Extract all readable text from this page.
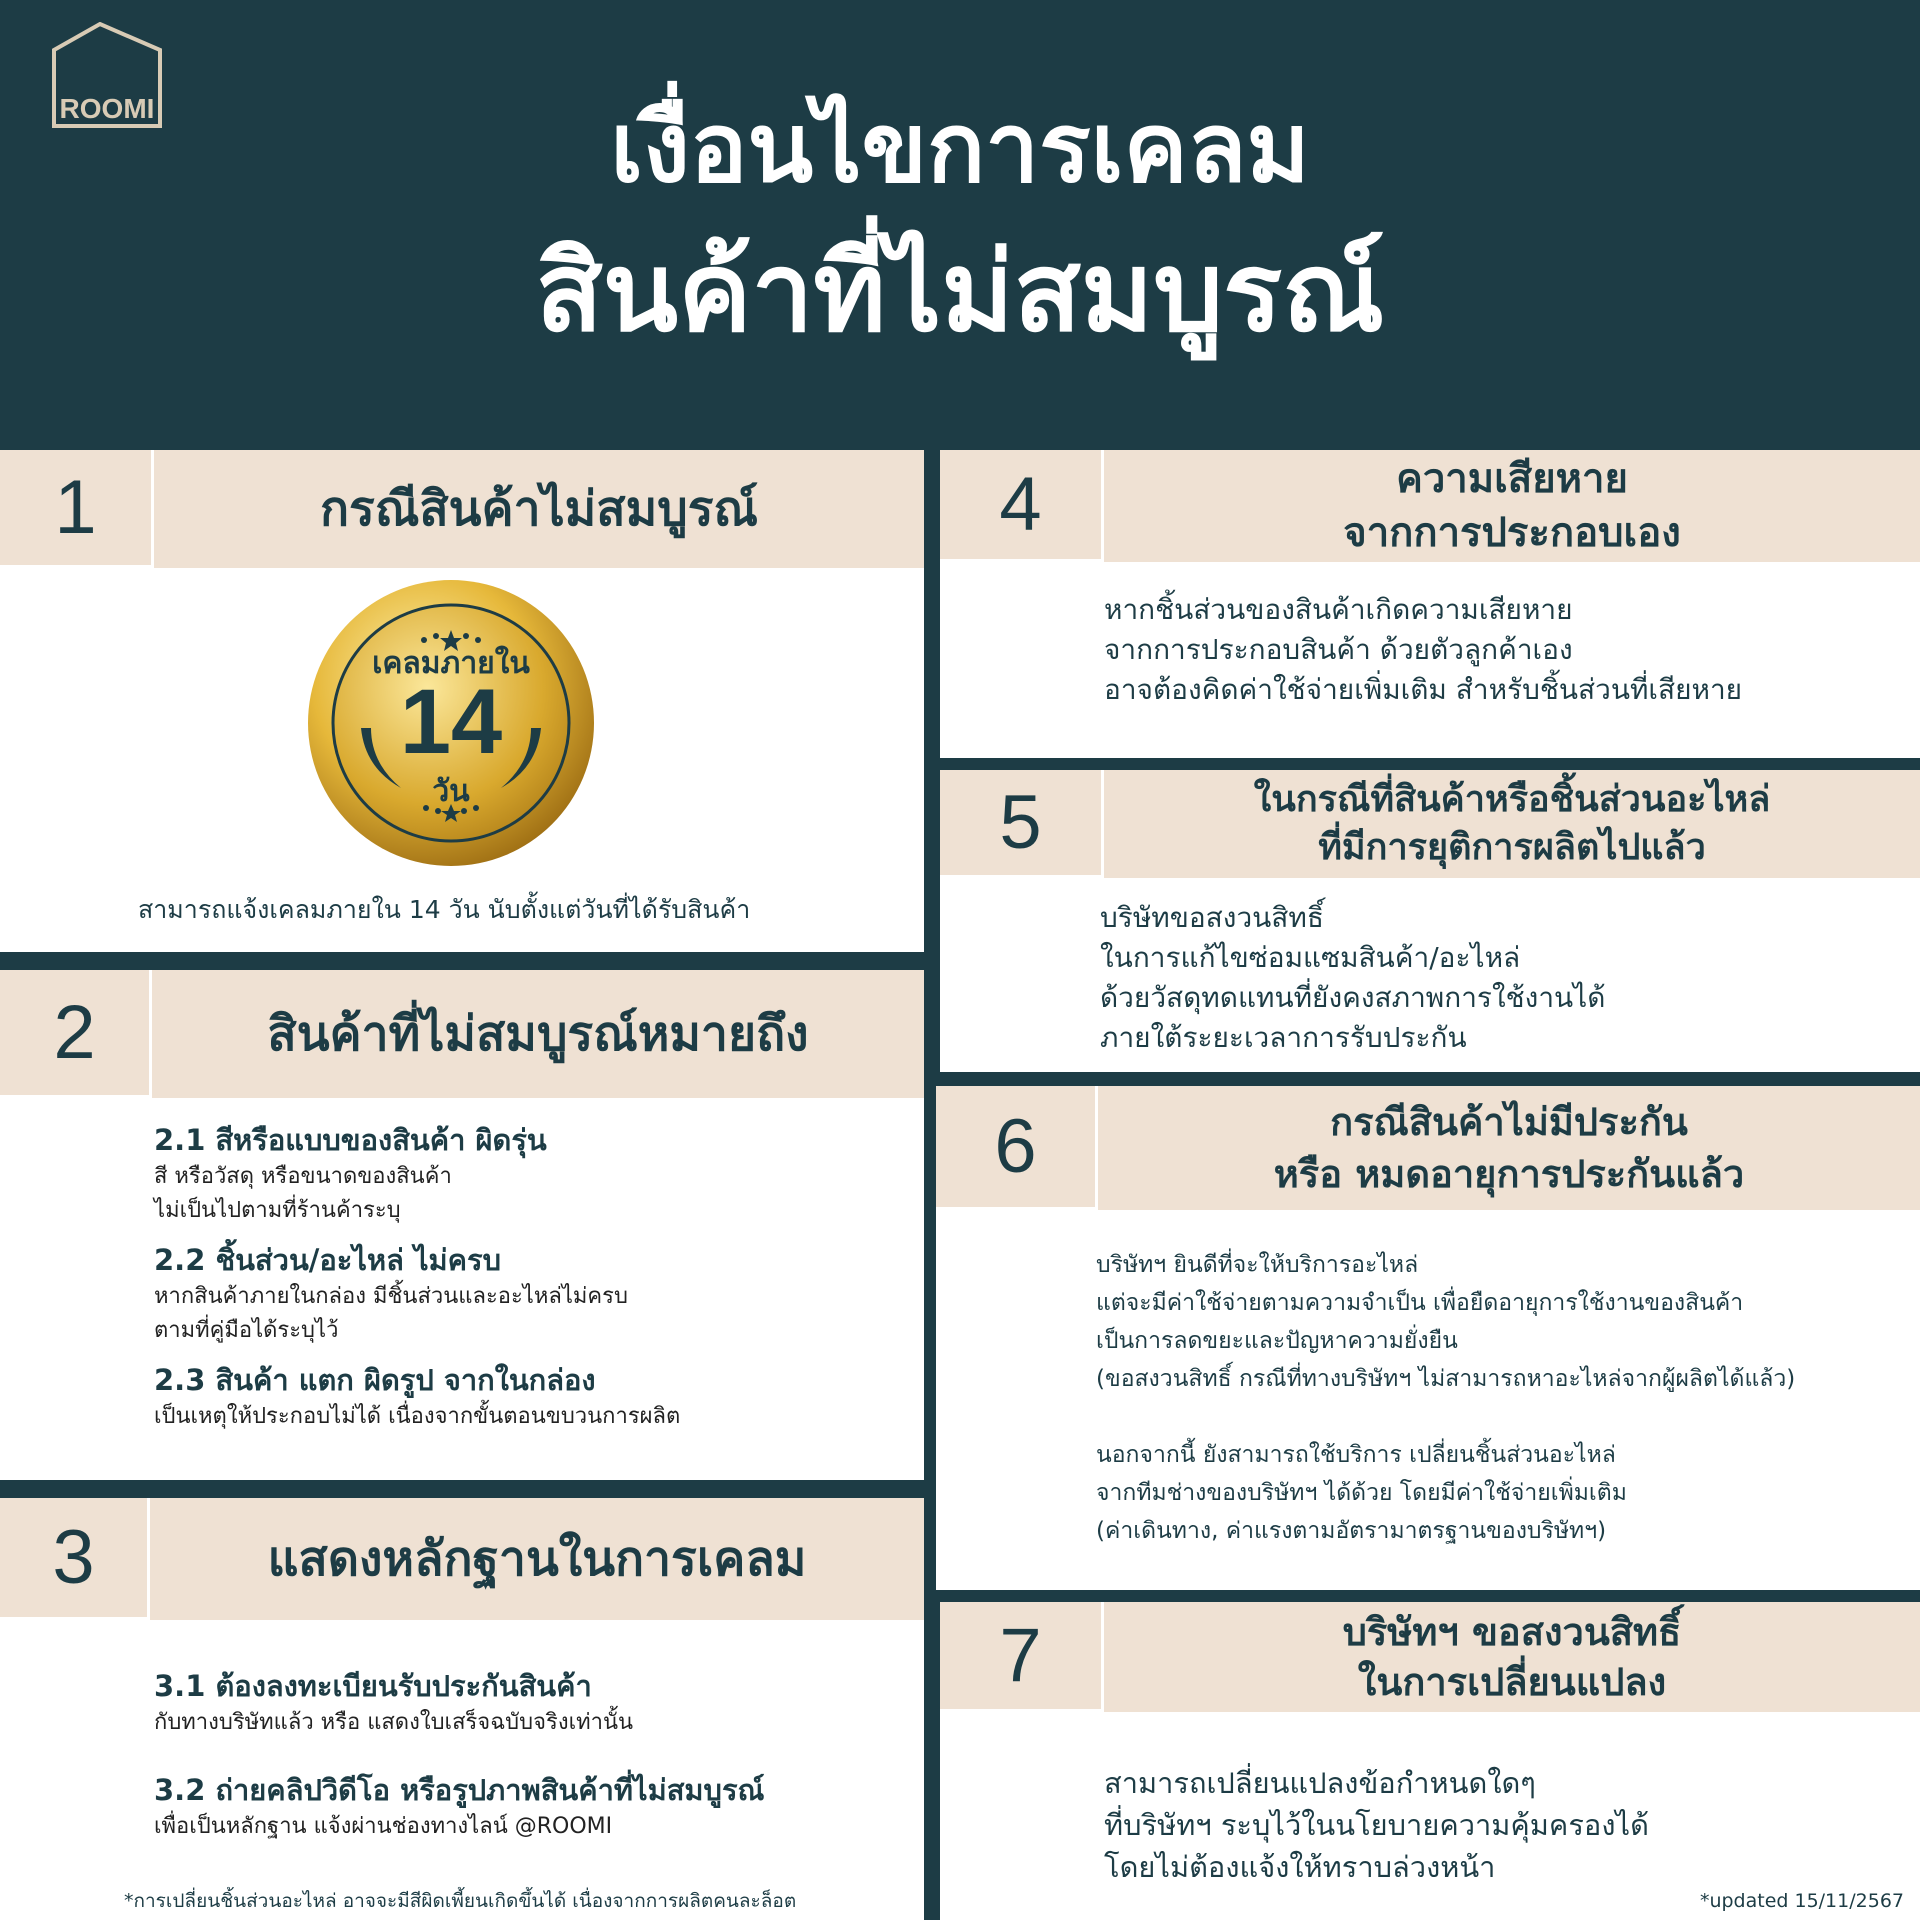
ROOMI	เงื่อนไขการเคลม
สินค้าที่ไม่สมบูรณ์
1	กรณีสินค้าไม่สมบูรณ์
เคลมภายใน
14
วัน
สามารถแจ้งเคลมภายใน 14 วัน นับตั้งแต่วันที่ได้รับสินค้า
2	สินค้าที่ไม่สมบูรณ์หมายถึง
2.1 สีหรือแบบของสินค้า ผิดรุ่น
สี หรือวัสดุ หรือขนาดของสินค้า
ไม่เป็นไปตามที่ร้านค้าระบุ
2.2 ชิ้นส่วน/อะไหล่ ไม่ครบ
หากสินค้าภายในกล่อง มีชิ้นส่วนและอะไหล่ไม่ครบ
ตามที่คู่มือได้ระบุไว้
2.3 สินค้า แตก ผิดรูป จากในกล่อง
เป็นเหตุให้ประกอบไม่ได้ เนื่องจากขั้นตอนขบวนการผลิต
3	แสดงหลักฐานในการเคลม
3.1 ต้องลงทะเบียนรับประกันสินค้า
กับทางบริษัทแล้ว หรือ แสดงใบเสร็จฉบับจริงเท่านั้น
3.2 ถ่ายคลิปวิดีโอ หรือรูปภาพสินค้าที่ไม่สมบูรณ์
เพื่อเป็นหลักฐาน แจ้งผ่านช่องทางไลน์ @ROOMI
*การเปลี่ยนชิ้นส่วนอะไหล่ อาจจะมีสีผิดเพี้ยนเกิดขึ้นได้ เนื่องจากการผลิตคนละล็อต
4	ความเสียหาย
จากการประกอบเอง
หากชิ้นส่วนของสินค้าเกิดความเสียหาย
จากการประกอบสินค้า ด้วยตัวลูกค้าเอง
อาจต้องคิดค่าใช้จ่ายเพิ่มเติม สำหรับชิ้นส่วนที่เสียหาย
5	ในกรณีที่สินค้าหรือชิ้นส่วนอะไหล่
ที่มีการยุติการผลิตไปแล้ว
บริษัทขอสงวนสิทธิ์
ในการแก้ไขซ่อมแซมสินค้า/อะไหล่
ด้วยวัสดุทดแทนที่ยังคงสภาพการใช้งานได้
ภายใต้ระยะเวลาการรับประกัน
6	กรณีสินค้าไม่มีประกัน
หรือ หมดอายุการประกันแล้ว
บริษัทฯ ยินดีที่จะให้บริการอะไหล่
แต่จะมีค่าใช้จ่ายตามความจำเป็น เพื่อยืดอายุการใช้งานของสินค้า
เป็นการลดขยะและปัญหาความยั่งยืน
(ขอสงวนสิทธิ์ กรณีที่ทางบริษัทฯ ไม่สามารถหาอะไหล่จากผู้ผลิตได้แล้ว)
นอกจากนี้ ยังสามารถใช้บริการ เปลี่ยนชิ้นส่วนอะไหล่
จากทีมช่างของบริษัทฯ ได้ด้วย โดยมีค่าใช้จ่ายเพิ่มเติม
(ค่าเดินทาง, ค่าแรงตามอัตรามาตรฐานของบริษัทฯ)
7	บริษัทฯ ขอสงวนสิทธิ์
ในการเปลี่ยนแปลง
สามารถเปลี่ยนแปลงข้อกำหนดใดๆ
ที่บริษัทฯ ระบุไว้ในนโยบายความคุ้มครองได้
โดยไม่ต้องแจ้งให้ทราบล่วงหน้า
*updated 15/11/2567
